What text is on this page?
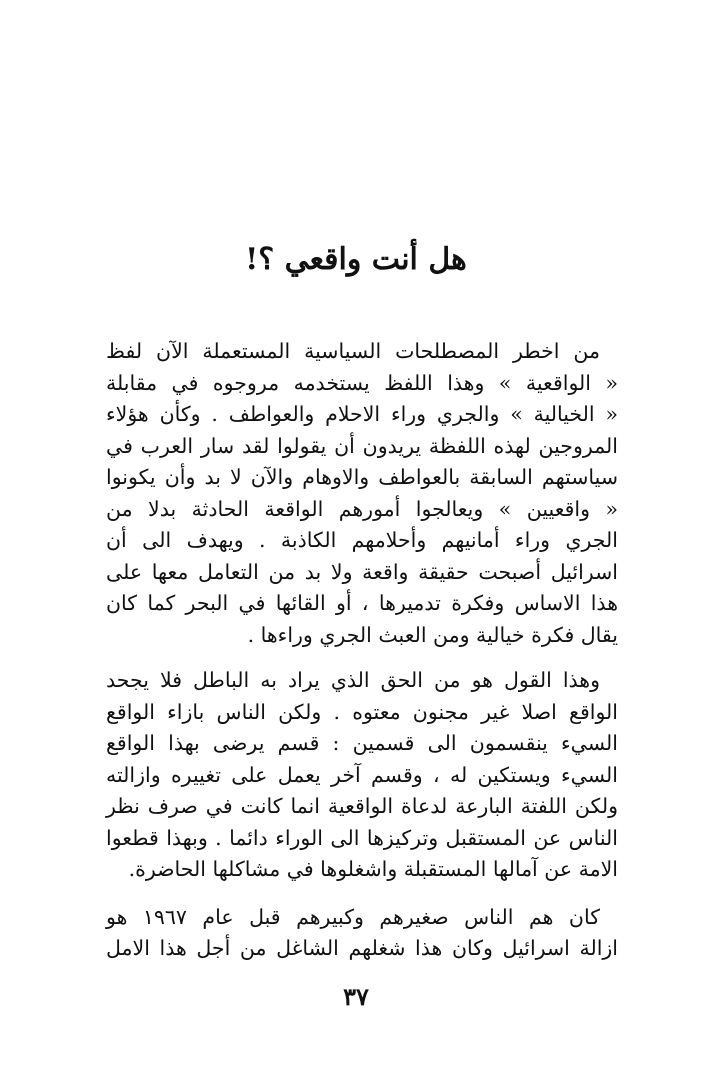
هل أنت واقعي ؟!

من اخطر المصطلحات السياسية المستعملة الآن لفظ
« الواقعية » وهذا اللفظ يستخدمه مروجوه في مقابلة
« الخيالية » والجري وراء الاحلام والعواطف . وكأن هؤلاء
المروجين لهذه اللفظة يريدون أن يقولوا لقد سار العرب في
سياستهم السابقة بالعواطف والاوهام والآن لا بد وأن يكونوا
« واقعيين » ويعالجوا أمورهم الواقعة الحادثة بدلا من
الجري وراء أمانيهم وأحلامهم الكاذبة . ويهدف الى أن
اسرائيل أصبحت حقيقة واقعة ولا بد من التعامل معها على
هذا الاساس وفكرة تدميرها ، أو القائها في البحر كما كان
يقال فكرة خيالية ومن العبث الجري وراءها .

وهذا القول هو من الحق الذي يراد به الباطل فلا يجحد
الواقع اصلا غير مجنون معتوه . ولكن الناس بازاء الواقع
السيء ينقسمون الى قسمين : قسم يرضى بهذا الواقع
السيء ويستكين له ، وقسم آخر يعمل على تغييره وازالته
ولكن اللفتة البارعة لدعاة الواقعية انما كانت في صرف نظر
الناس عن المستقبل وتركيزها الى الوراء دائما . وبهذا قطعوا
الامة عن آمالها المستقبلة واشغلوها في مشاكلها الحاضرة.

كان هم الناس صغيرهم وكبيرهم قبل عام ١٩٦٧ هو
ازالة اسرائيل وكان هذا شغلهم الشاغل من أجل هذا الامل

٣٧
